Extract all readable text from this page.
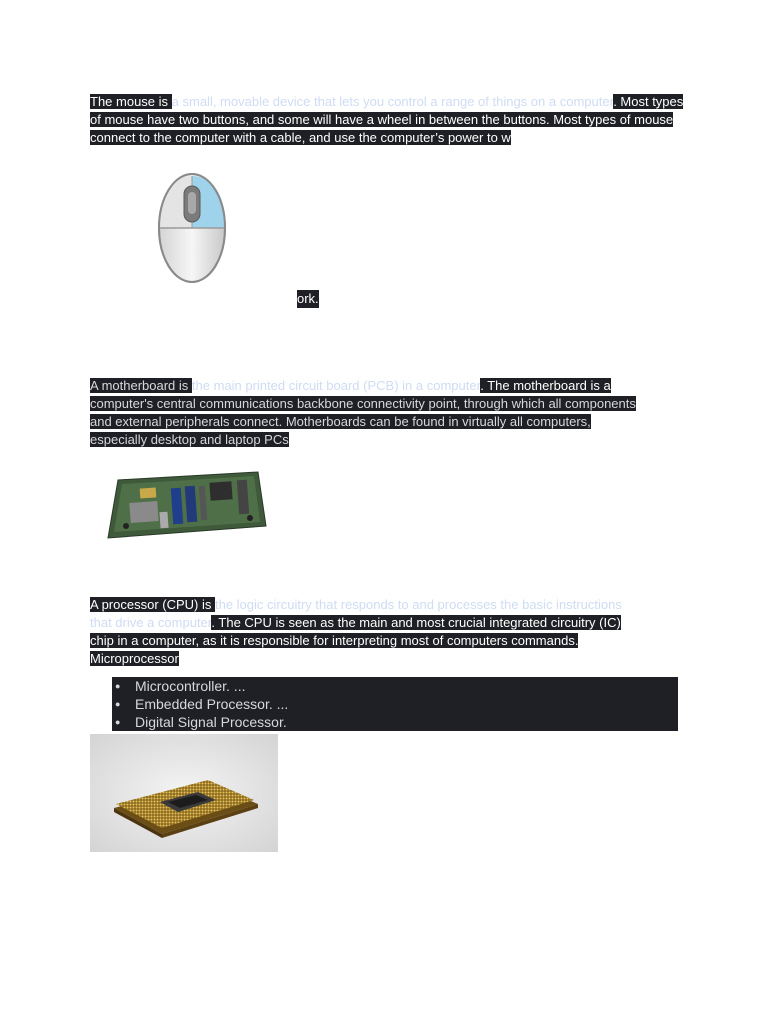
The mouse is a small, movable device that lets you control a range of things on a computer. Most types
of mouse have two buttons, and some will have a wheel in between the buttons. Most types of mouse
connect to the computer with a cable, and use the computer’s power to w
ork.
A motherboard is the main printed circuit board (PCB) in a computer. The motherboard is a
computer's central communications backbone connectivity point, through which all components
and external peripherals connect. Motherboards can be found in virtually all computers,
especially desktop and laptop PCs
A processor (CPU) is the logic circuitry that responds to and processes the basic instructions
that drive a computer. The CPU is seen as the main and most crucial integrated circuitry (IC)
chip in a computer, as it is responsible for interpreting most of computers commands.
Microprocessor
● Microcontroller. ...
● Embedded Processor. ...
● Digital Signal Processor.
